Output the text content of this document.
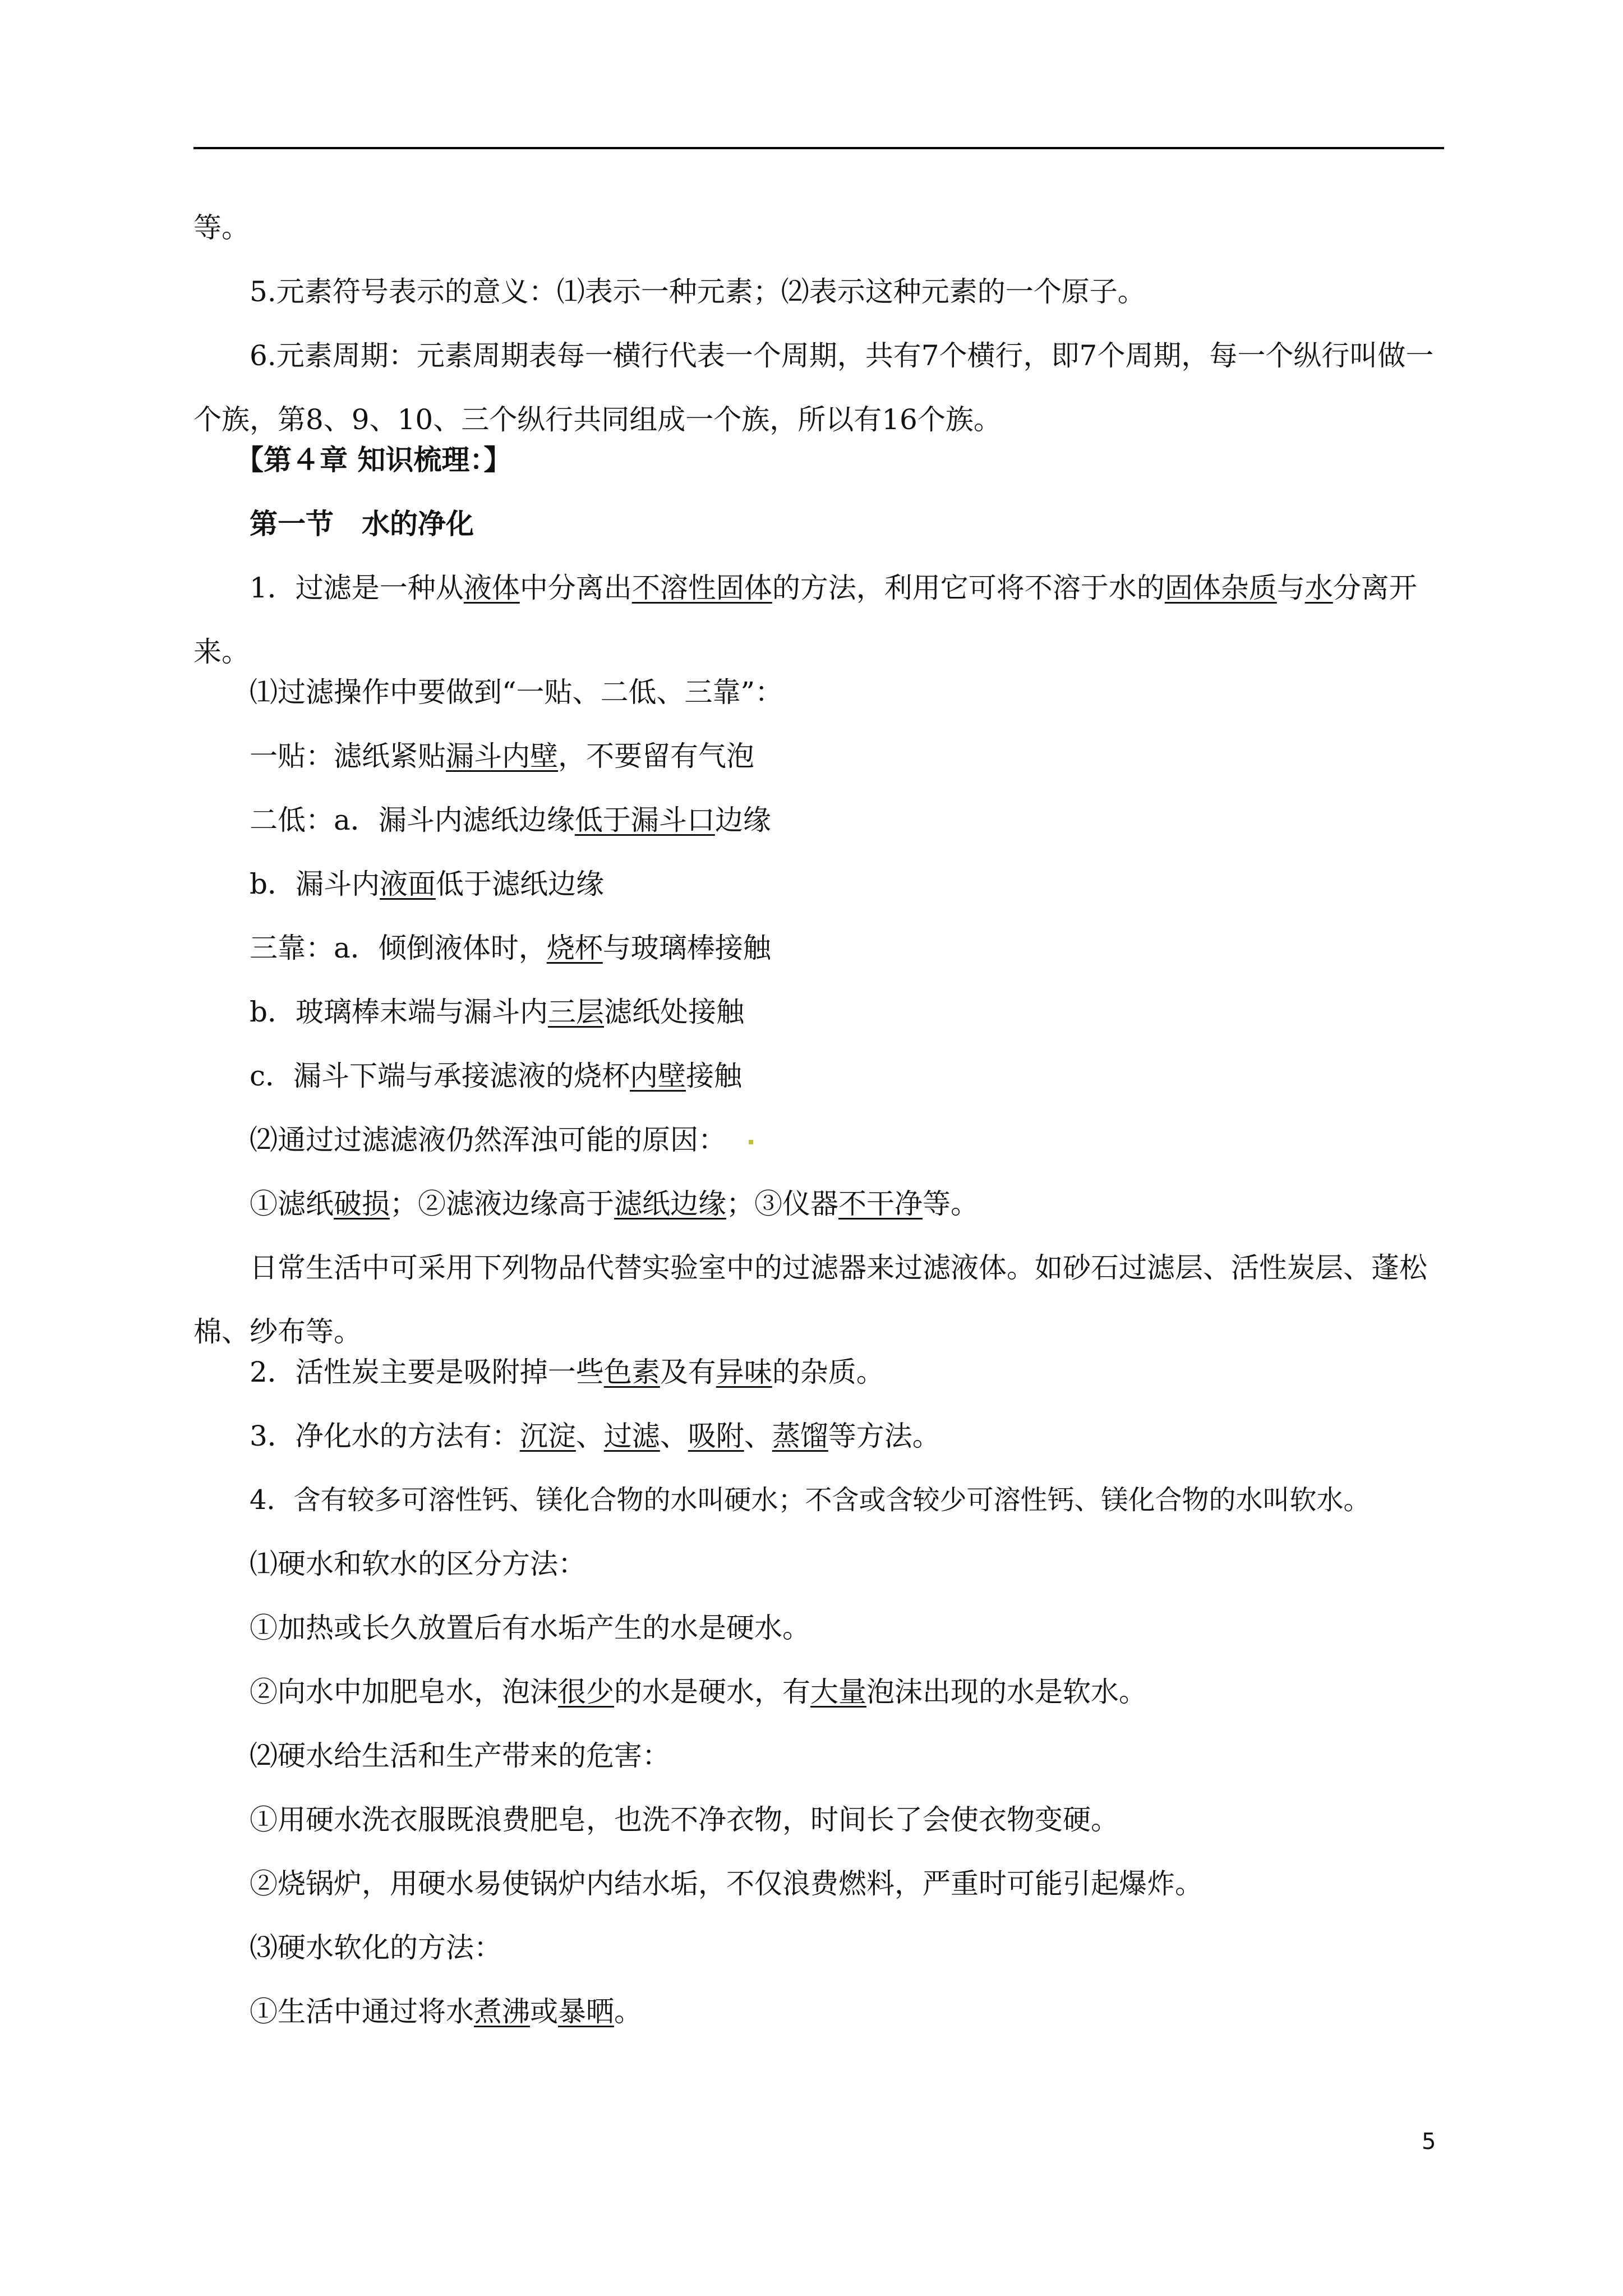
等。
5.元素符号表示的意义：⑴表示一种元素；⑵表示这种元素的一个原子。
6.元素周期：元素周期表每一横行代表一个周期，共有7个横行，即7个周期，每一个纵行叫做一个族，第8、9、10、三个纵行共同组成一个族，所以有16个族。
【第４章 知识梳理：】
第一节　水的净化
1．过滤是一种从液体中分离出不溶性固体的方法，利用它可将不溶于水的固体杂质与水分离开来。
⑴过滤操作中要做到“一贴、二低、三靠”：
一贴：滤纸紧贴漏斗内壁，不要留有气泡
二低：a．漏斗内滤纸边缘低于漏斗口边缘
b．漏斗内液面低于滤纸边缘
三靠：a．倾倒液体时，烧杯与玻璃棒接触
b．玻璃棒末端与漏斗内三层滤纸处接触
c．漏斗下端与承接滤液的烧杯内壁接触
⑵通过过滤滤液仍然浑浊可能的原因：
①滤纸破损；②滤液边缘高于滤纸边缘；③仪器不干净等。
日常生活中可采用下列物品代替实验室中的过滤器来过滤液体。如砂石过滤层、活性炭层、蓬松棉、纱布等。
2．活性炭主要是吸附掉一些色素及有异味的杂质。
3．净化水的方法有：沉淀、过滤、吸附、蒸馏等方法。
4．含有较多可溶性钙、镁化合物的水叫硬水；不含或含较少可溶性钙、镁化合物的水叫软水。
⑴硬水和软水的区分方法：
①加热或长久放置后有水垢产生的水是硬水。
②向水中加肥皂水，泡沫很少的水是硬水，有大量泡沫出现的水是软水。
⑵硬水给生活和生产带来的危害：
①用硬水洗衣服既浪费肥皂，也洗不净衣物，时间长了会使衣物变硬。
②烧锅炉，用硬水易使锅炉内结水垢，不仅浪费燃料，严重时可能引起爆炸。
⑶硬水软化的方法：
①生活中通过将水煮沸或暴晒。
5
